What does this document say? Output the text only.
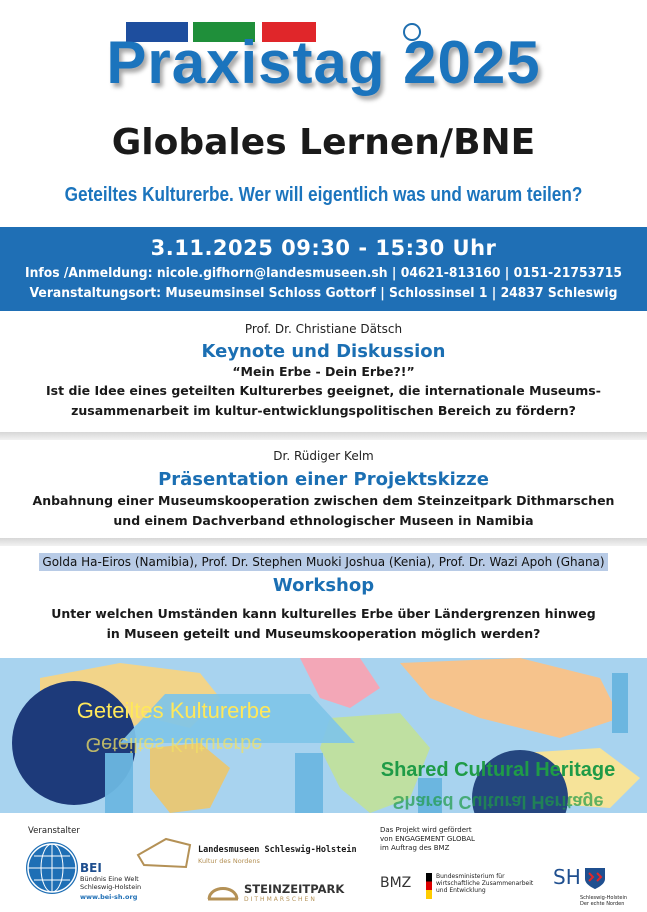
Praxistag 2025
Globales Lernen/BNE
Geteiltes Kulturerbe. Wer will eigentlich was und warum teilen?
3.11.2025 09:30 - 15:30 Uhr
Infos /Anmeldung: nicole.gifhorn@landesmuseen.sh | 04621-813160 | 0151-21753715
Veranstaltungsort: Museumsinsel Schloss Gottorf | Schlossinsel 1 | 24837 Schleswig
Prof. Dr. Christiane Dätsch
Keynote und Diskussion
“Mein Erbe - Dein Erbe?!”
Ist die Idee eines geteilten Kulturerbes geeignet, die internationale Museums-
zusammenarbeit im kultur-entwicklungspolitischen Bereich zu fördern?
Dr. Rüdiger Kelm
Präsentation einer Projektskizze
Anbahnung einer Museumskooperation zwischen dem Steinzeitpark Dithmarschen
und einem Dachverband ethnologischer Museen in Namibia
Golda Ha-Eiros (Namibia), Prof. Dr. Stephen Muoki Joshua (Kenia), Prof. Dr. Wazi Apoh (Ghana)
Workshop
Unter welchen Umständen kann kulturelles Erbe über Ländergrenzen hinweg
in Museen geteilt und Museumskooperation möglich werden?
Geteiltes Kulturerbe
Geteiltes Kulturerbe
Shared Cultural Heritage
Shared Cultural Heritage
Veranstalter
BEI
Bündnis Eine Welt
Schleswig-Holstein
www.bei-sh.org
Landesmuseen Schleswig-Holstein
Kultur des Nordens
STEINZEITPARK
DITHMARSCHEN
Das Projekt wird gefördert
von ENGAGEMENT GLOBAL
im Auftrag des BMZ
BMZ	Bundesministerium für
wirtschaftliche Zusammenarbeit
und Entwicklung
SH
Schleswig-Holstein
Der echte Norden
